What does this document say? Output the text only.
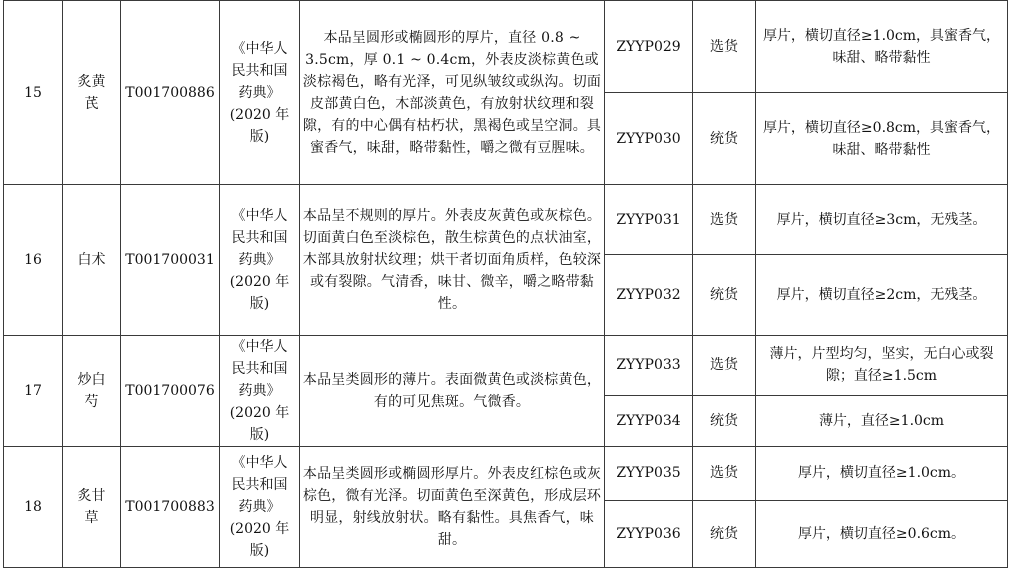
15	炙黄芪	T001700886	《中华人
民共和国
药典》
(2020 年
版)	本品呈圆形或椭圆形的厚片，直径 0.8 ~ 3.5cm，厚 0.1 ~ 0.4cm，外表皮淡棕黄色或淡棕褐色，略有光泽，可见纵皱纹或纵沟。切面皮部黄白色，木部淡黄色，有放射状纹理和裂隙，有的中心偶有枯朽状，黑褐色或呈空洞。具蜜香气，味甜，略带黏性，嚼之微有豆腥味。	ZYYP029	选货	厚片，横切直径≥1.0cm，具蜜香气，味甜、略带黏性
					ZYYP030	统货	厚片，横切直径≥0.8cm，具蜜香气，味甜、略带黏性
16	白术	T001700031	《中华人
民共和国
药典》
(2020 年
版)	本品呈不规则的厚片。外表皮灰黄色或灰棕色。切面黄白色至淡棕色，散生棕黄色的点状油室，木部具放射状纹理；烘干者切面角质样，色较深或有裂隙。气清香，味甘、微辛，嚼之略带黏性。	ZYYP031	选货	厚片，横切直径≥3cm，无残茎。
					ZYYP032	统货	厚片，横切直径≥2cm，无残茎。
17	炒白芍	T001700076	《中华人
民共和国
药典》
(2020 年
版)	本品呈类圆形的薄片。表面微黄色或淡棕黄色，有的可见焦斑。气微香。	ZYYP033	选货	薄片，片型均匀，坚实，无白心或裂隙；直径≥1.5cm
					ZYYP034	统货	薄片，直径≥1.0cm
18	炙甘草	T001700883	《中华人
民共和国
药典》
(2020 年
版)	本品呈类圆形或椭圆形厚片。外表皮红棕色或灰棕色，微有光泽。切面黄色至深黄色，形成层环明显，射线放射状。略有黏性。具焦香气，味甜。	ZYYP035	选货	厚片，横切直径≥1.0cm。
					ZYYP036	统货	厚片，横切直径≥0.6cm。
